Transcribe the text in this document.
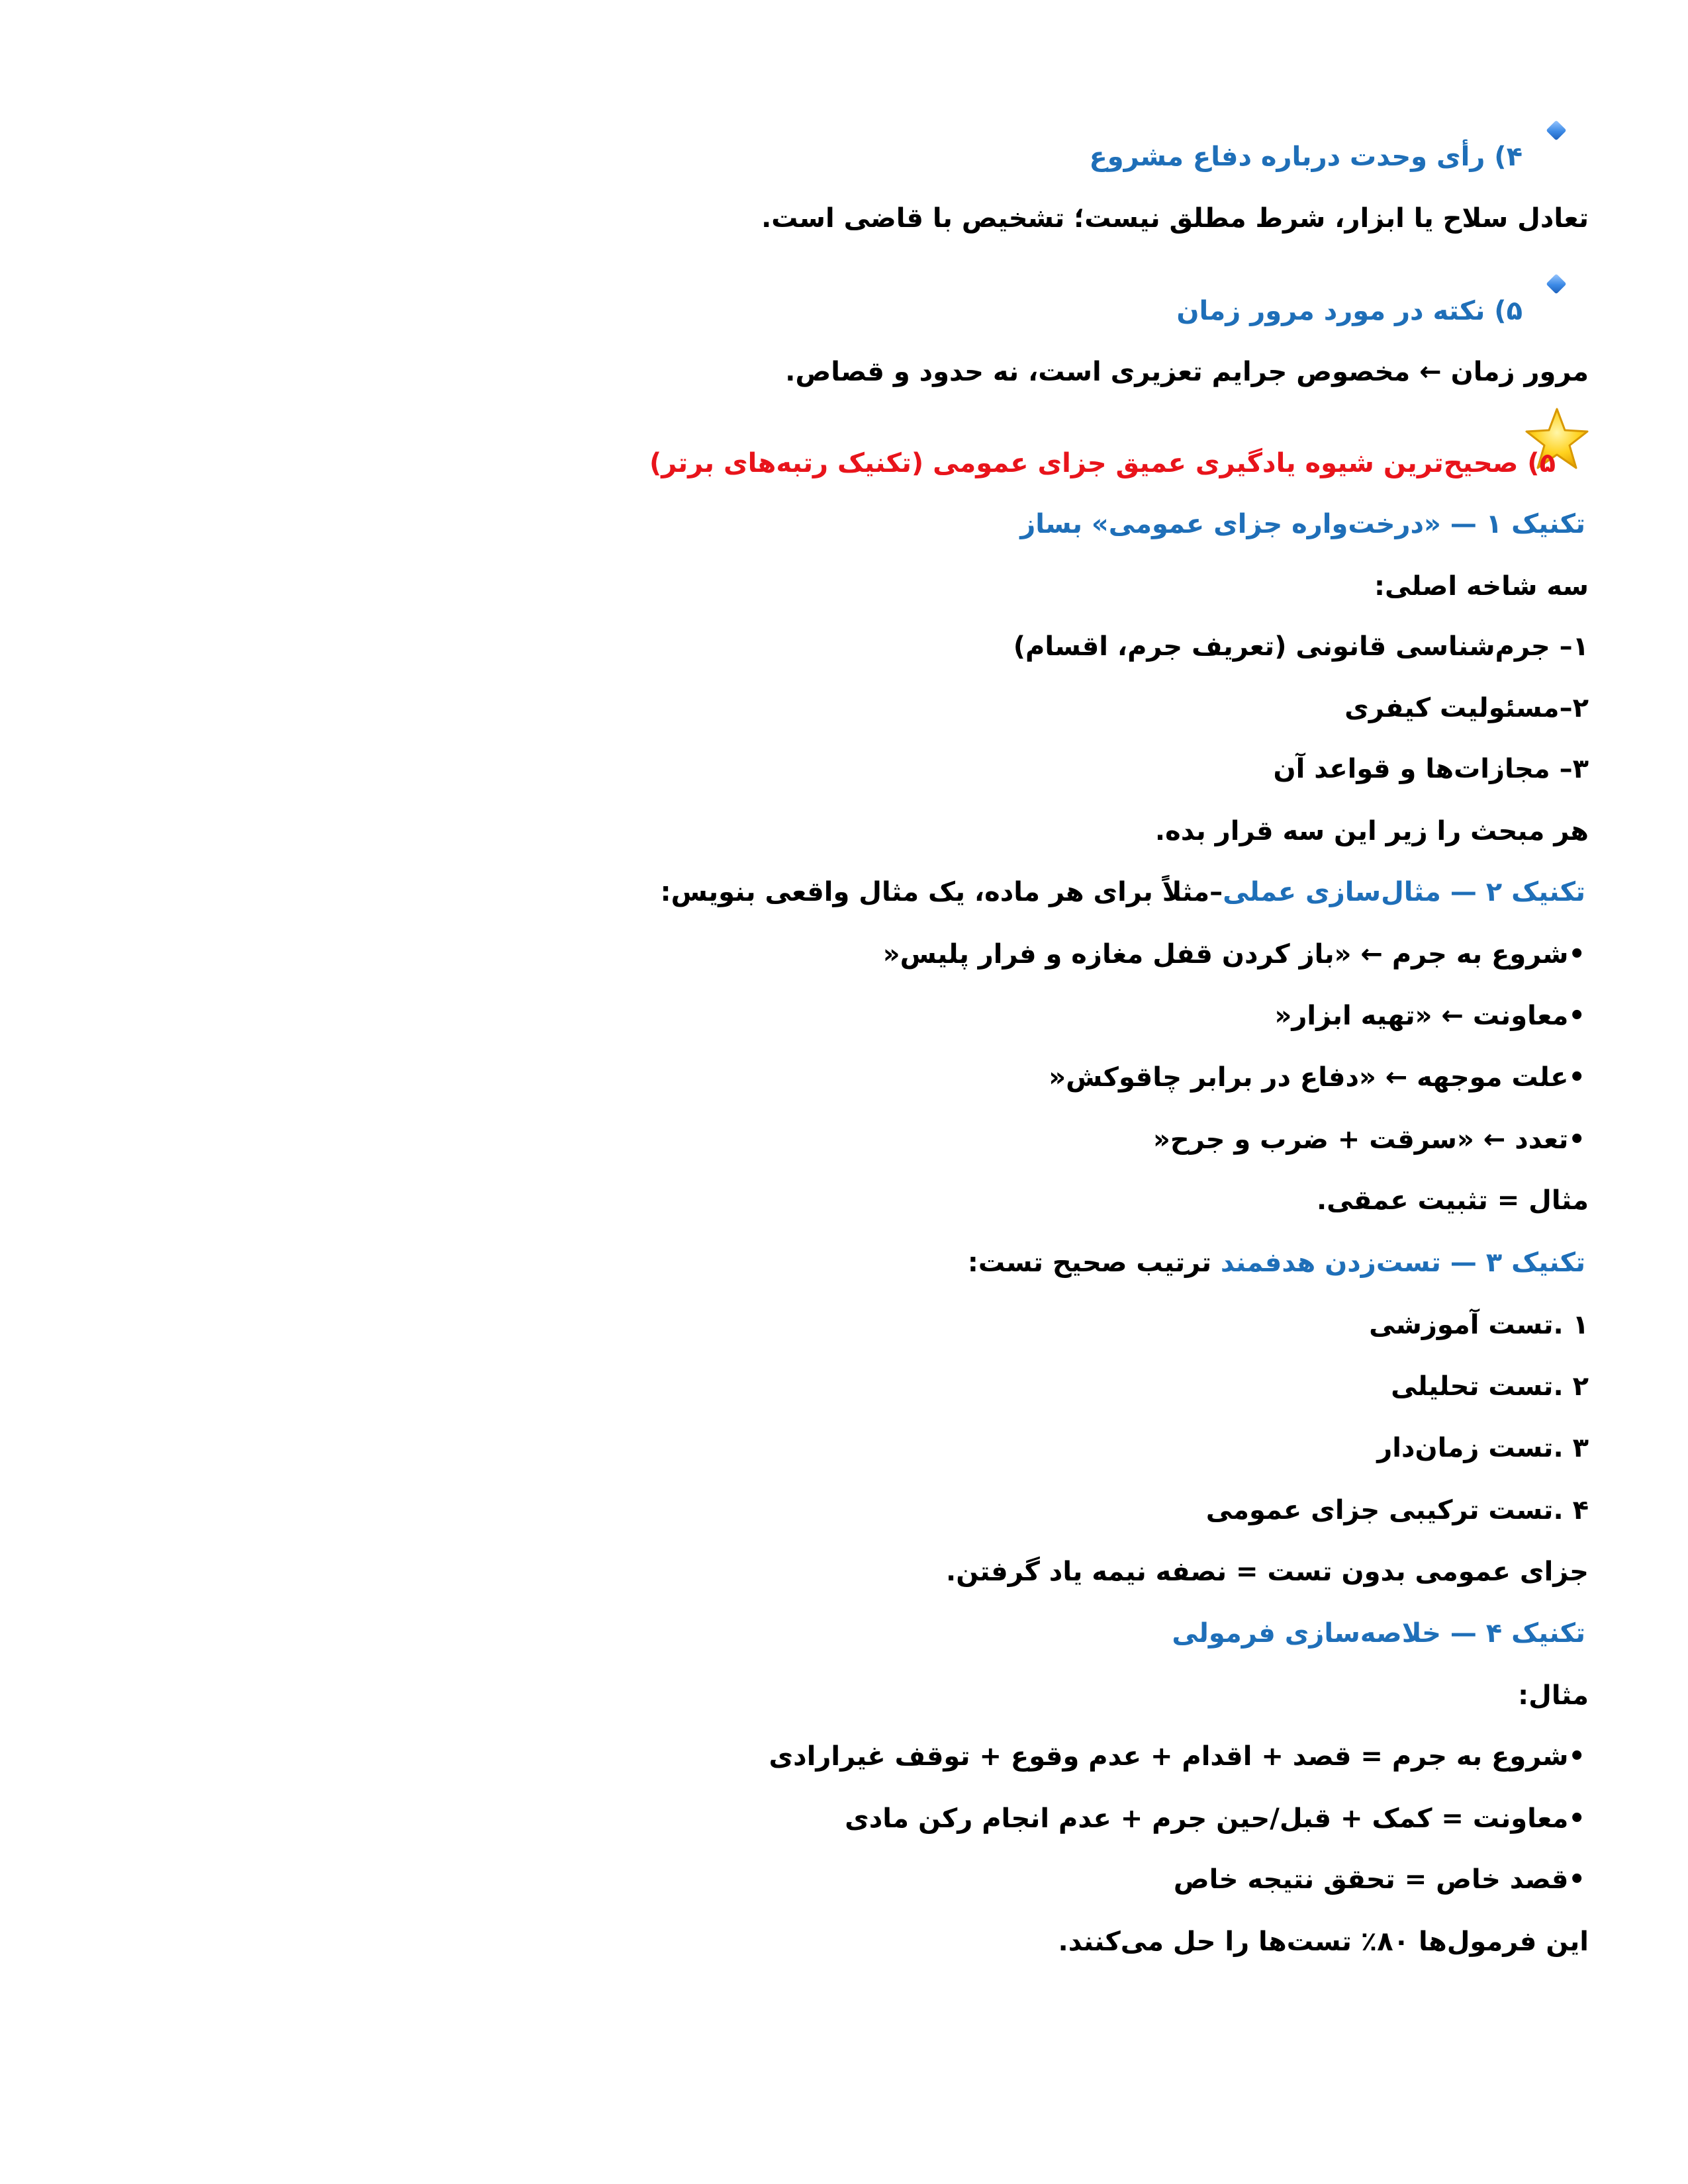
۴) رأی وحدت درباره دفاع مشروع
تعادل سلاح یا ابزار، شرط مطلق نیست؛ تشخیص با قاضی است.
۵) نکته در مورد مرور زمان
مرور زمان ← مخصوص جرایم تعزیری است، نه حدود و قصاص.
۵) صحیح‌ترین شیوه یادگیری عمیق جزای عمومی (تکنیک رتبه‌های برتر)
تکنیک ۱ — «درخت‌واره جزای عمومی» بساز
سه شاخه اصلی:
۱– جرم‌شناسی قانونی (تعریف جرم، اقسام)
۲–مسئولیت کیفری
۳– مجازات‌ها و قواعد آن
هر مبحث را زیر این سه قرار بده.
تکنیک ۲ — مثال‌سازی عملی–مثلاً برای هر ماده، یک مثال واقعی بنویس:
•شروع به جرم ← «باز کردن قفل مغازه و فرار پلیس«
•معاونت ← «تهیه ابزار«
•علت موجهه ← «دفاع در برابر چاقوکش«
•تعدد ← «سرقت + ضرب و جرح«
مثال = تثبیت عمقی.
تکنیک ۳ — تست‌زدن هدفمند ترتیب صحیح تست:
۱ .تست آموزشی
۲ .تست تحلیلی
۳ .تست زمان‌دار
۴ .تست ترکیبی جزای عمومی
جزای عمومی بدون تست = نصفه نیمه یاد گرفتن.
تکنیک ۴ — خلاصه‌سازی فرمولی
مثال:
•شروع به جرم = قصد + اقدام + عدم وقوع + توقف غیرارادی
•معاونت = کمک + قبل/حین جرم + عدم انجام رکن مادی
•قصد خاص = تحقق نتیجه خاص
این فرمول‌ها ۸۰٪ تست‌ها را حل می‌کنند.
